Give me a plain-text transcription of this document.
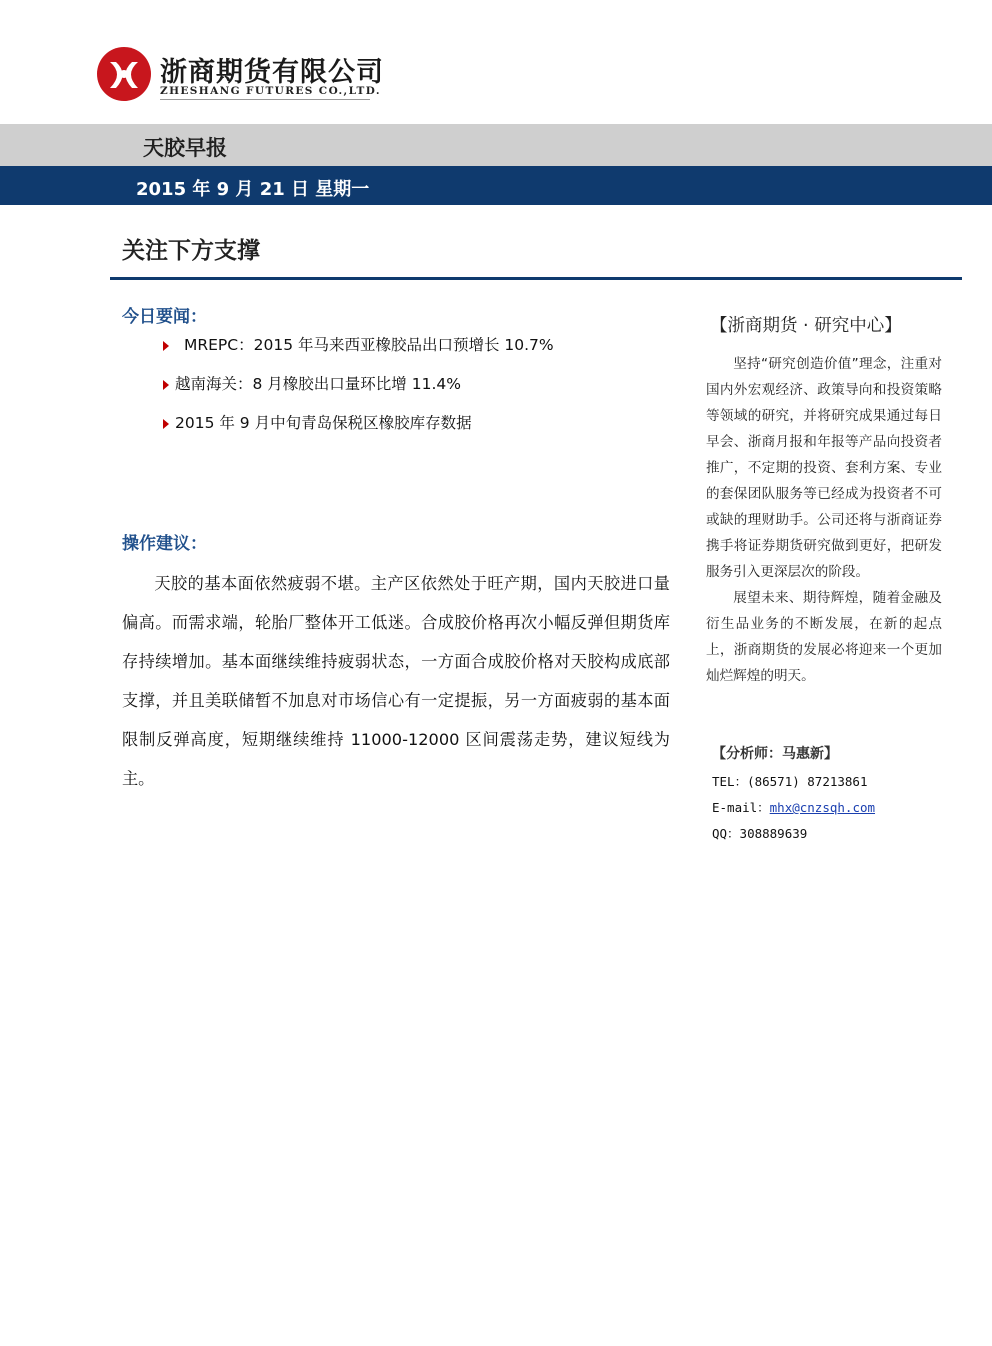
浙商期货有限公司
ZHESHANG FUTURES CO.,LTD.
天胶早报
2015 年 9 月 21 日 星期一
关注下方支撑
今日要闻：
MREPC：2015 年马来西亚橡胶品出口预增长 10.7%
越南海关：8 月橡胶出口量环比增 11.4%
2015 年 9 月中旬青岛保税区橡胶库存数据
操作建议：

天胶的基本面依然疲弱不堪。主产区依然处于旺产期，国内天胶进口量偏高。而需求端，轮胎厂整体开工低迷。合成胶价格再次小幅反弹但期货库存持续增加。基本面继续维持疲弱状态，一方面合成胶价格对天胶构成底部支撑，并且美联储暂不加息对市场信心有一定提振，另一方面疲弱的基本面限制反弹高度，短期继续维持 11000-12000 区间震荡走势，建议短线为主。

【浙商期货 · 研究中心】

坚持“研究创造价值”理念，注重对国内外宏观经济、政策导向和投资策略等领域的研究，并将研究成果通过每日早会、浙商月报和年报等产品向投资者推广，不定期的投资、套利方案、专业的套保团队服务等已经成为投资者不可或缺的理财助手。公司还将与浙商证券携手将证券期货研究做到更好，把研发服务引入更深层次的阶段。

展望未来、期待辉煌，随着金融及衍生品业务的不断发展，在新的起点上，浙商期货的发展必将迎来一个更加灿烂辉煌的明天。

【分析师：马惠新】
TEL：(86571) 87213861
E-mail：mhx@cnzsqh.com
QQ：308889639
